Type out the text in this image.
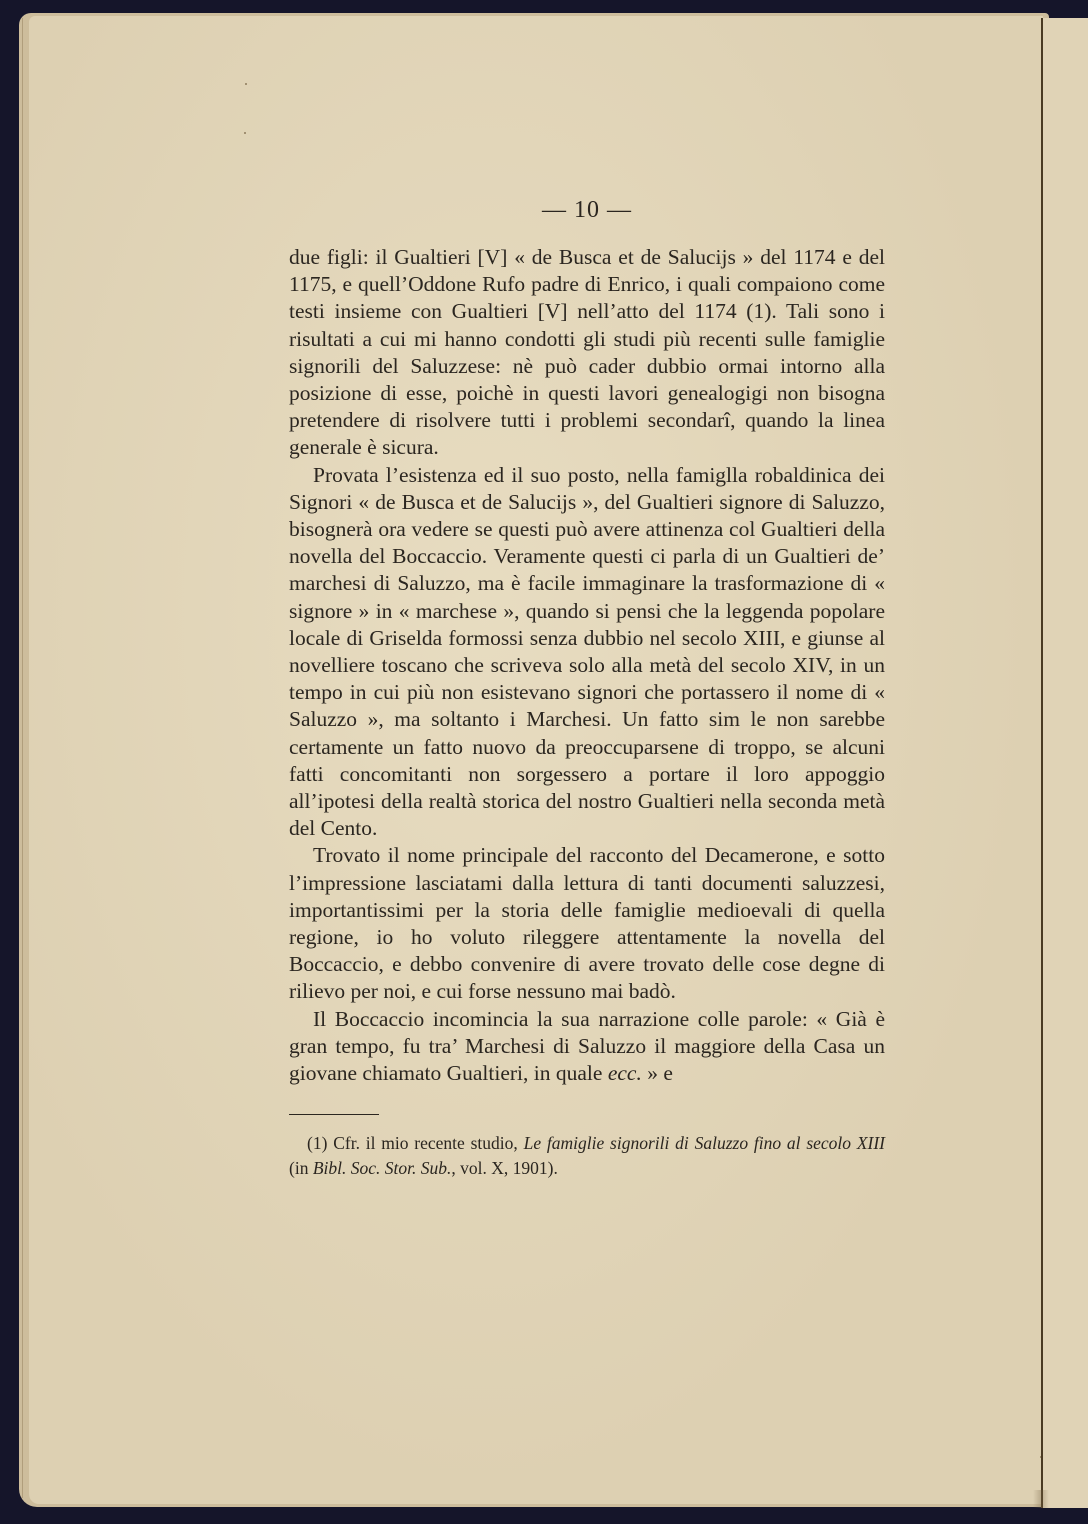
— 10 —

due figli: il Gualtieri [V] « de Busca et de Salucijs » del 1174 e del 1175, e quell’Oddone Rufo padre di Enrico, i quali compaiono come testi insieme con Gualtieri [V] nell’atto del 1174 (1). Tali sono i risultati a cui mi hanno condotti gli studi più recenti sulle famiglie signorili del Saluzzese: nè può cader dubbio ormai intorno alla posizione di esse, poichè in questi lavori genealogigi non bisogna pretendere di risolvere tutti i problemi secondarî, quando la linea generale è sicura.

Provata l’esistenza ed il suo posto, nella famiglla robaldinica dei Signori « de Busca et de Salucijs », del Gualtieri signore di Saluzzo, bisognerà ora vedere se questi può avere attinenza col Gualtieri della novella del Boccaccio. Veramente questi ci parla di un Gualtieri de’ marchesi di Saluzzo, ma è facile immaginare la trasformazione di « signore » in « marchese », quando si pensi che la leggenda popolare locale di Griselda formossi senza dubbio nel secolo XIII, e giunse al novelliere toscano che scriveva solo alla metà del secolo XIV, in un tempo in cui più non esistevano signori che portassero il nome di « Saluzzo », ma soltanto i Marchesi. Un fatto sim le non sarebbe certamente un fatto nuovo da preoccuparsene di troppo, se alcuni fatti concomitanti non sorgessero a portare il loro appoggio all’ipotesi della realtà storica del nostro Gualtieri nella seconda metà del Cento.

Trovato il nome principale del racconto del Decamerone, e sotto l’impressione lasciatami dalla lettura di tanti documenti saluzzesi, importantissimi per la storia delle famiglie medioevali di quella regione, io ho voluto rileggere attentamente la novella del Boccaccio, e debbo convenire di avere trovato delle cose degne di rilievo per noi, e cui forse nessuno mai badò.

Il Boccaccio incomincia la sua narrazione colle parole: « Già è gran tempo, fu tra’ Marchesi di Saluzzo il maggiore della Casa un giovane chiamato Gualtieri, in quale ecc. » e

(1) Cfr. il mio recente studio, Le famiglie signorili di Saluzzo fino al secolo XIII (in Bibl. Soc. Stor. Sub., vol. X, 1901).
